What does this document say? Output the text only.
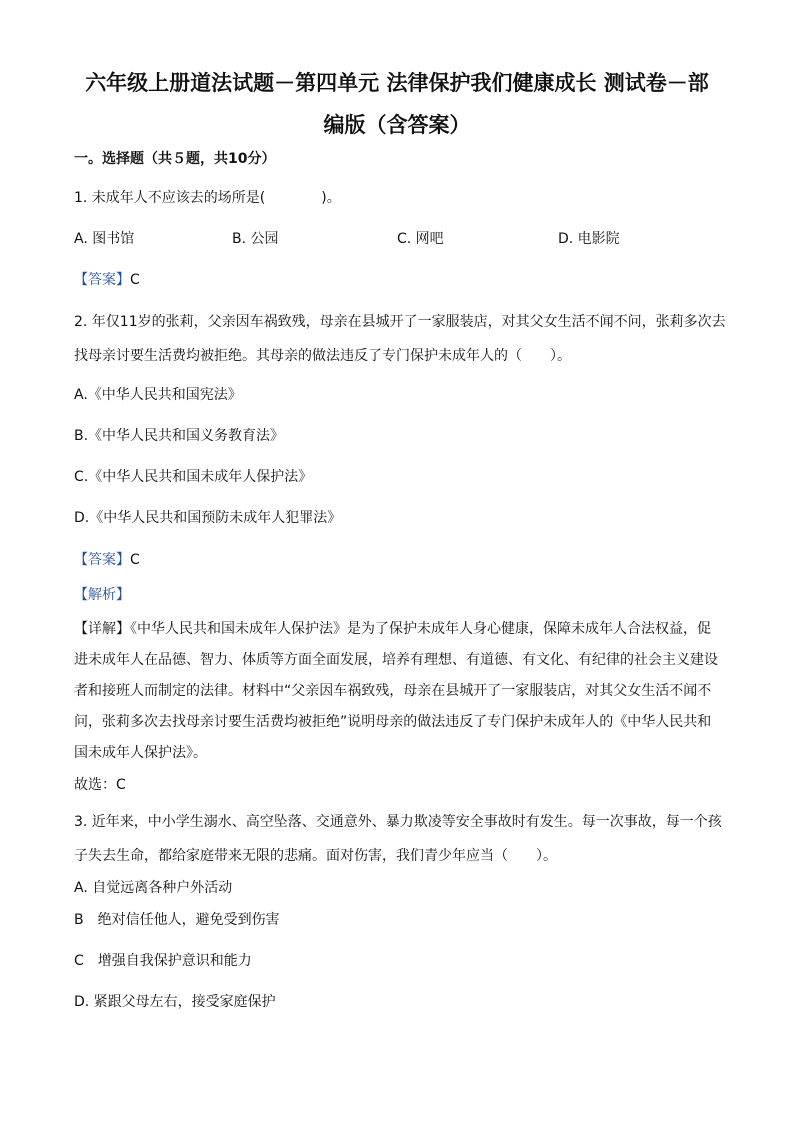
六年级上册道法试题－第四单元 法律保护我们健康成长 测试卷－部
编版（含答案）
一。选择题（共５题，共10分）
1. 未成年人不应该去的场所是(　　　　)。
A. 图书馆	B. 公园	C. 网吧	D. 电影院
【答案】C
2. 年仅11岁的张莉，父亲因车祸致残，母亲在县城开了一家服装店，对其父女生活不闻不问，张莉多次去
找母亲讨要生活费均被拒绝。其母亲的做法违反了专门保护未成年人的（　　）。
A.《中华人民共和国宪法》
B.《中华人民共和国义务教育法》
C.《中华人民共和国未成年人保护法》
D.《中华人民共和国预防未成年人犯罪法》
【答案】C
【解析】
【详解】《中华人民共和国未成年人保护法》是为了保护未成年人身心健康，保障未成年人合法权益，促
进未成年人在品德、智力、体质等方面全面发展，培养有理想、有道德、有文化、有纪律的社会主义建设
者和接班人而制定的法律。材料中“父亲因车祸致残，母亲在县城开了一家服装店，对其父女生活不闻不
问，张莉多次去找母亲讨要生活费均被拒绝”说明母亲的做法违反了专门保护未成年人的《中华人民共和
国未成年人保护法》。
故选：C
3. 近年来，中小学生溺水、高空坠落、交通意外、暴力欺凌等安全事故时有发生。每一次事故，每一个孩
子失去生命，都给家庭带来无限的悲痛。面对伤害，我们青少年应当（　　）。
A. 自觉远离各种户外活动
B　绝对信任他人，避免受到伤害
C　增强自我保护意识和能力
D. 紧跟父母左右，接受家庭保护
